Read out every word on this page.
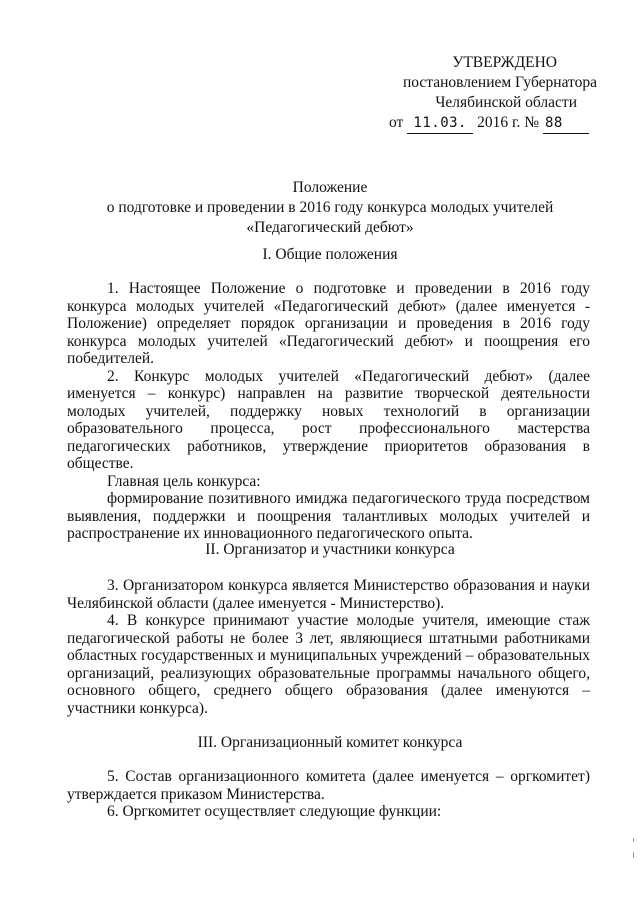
УТВЕРЖДЕНО
постановлением Губернатора
Челябинской области
от 11.03. 2016 г. № 88
Положение
о подготовке и проведении в 2016 году конкурса молодых учителей
«Педагогический дебют»
I. Общие положения

1. Настоящее Положение о подготовке и проведении в 2016 году конкурса молодых учителей «Педагогический дебют» (далее именуется - Положение) определяет порядок организации и проведения в 2016 году конкурса молодых учителей «Педагогический дебют» и поощрения его победителей.

2. Конкурс молодых учителей «Педагогический дебют» (далее именуется – конкурс) направлен на развитие творческой деятельности молодых учителей, поддержку новых технологий в организации образовательного процесса, рост профессионального мастерства педагогических работников, утверждение приоритетов образования в обществе.

Главная цель конкурса:

формирование позитивного имиджа педагогического труда посредством выявления, поддержки и поощрения талантливых молодых учителей и распространение их инновационного педагогического опыта.

II. Организатор и участники конкурса

3. Организатором конкурса является Министерство образования и науки Челябинской области (далее именуется - Министерство).

4. В конкурсе принимают участие молодые учителя, имеющие стаж педагогической работы не более 3 лет, являющиеся штатными работниками областных государственных и муниципальных учреждений – образовательных организаций, реализующих образовательные программы начального общего, основного общего, среднего общего образования (далее именуются – участники конкурса).

III. Организационный комитет конкурса

5. Состав организационного комитета (далее именуется – оргкомитет) утверждается приказом Министерства.

6. Оргкомитет осуществляет следующие функции:
